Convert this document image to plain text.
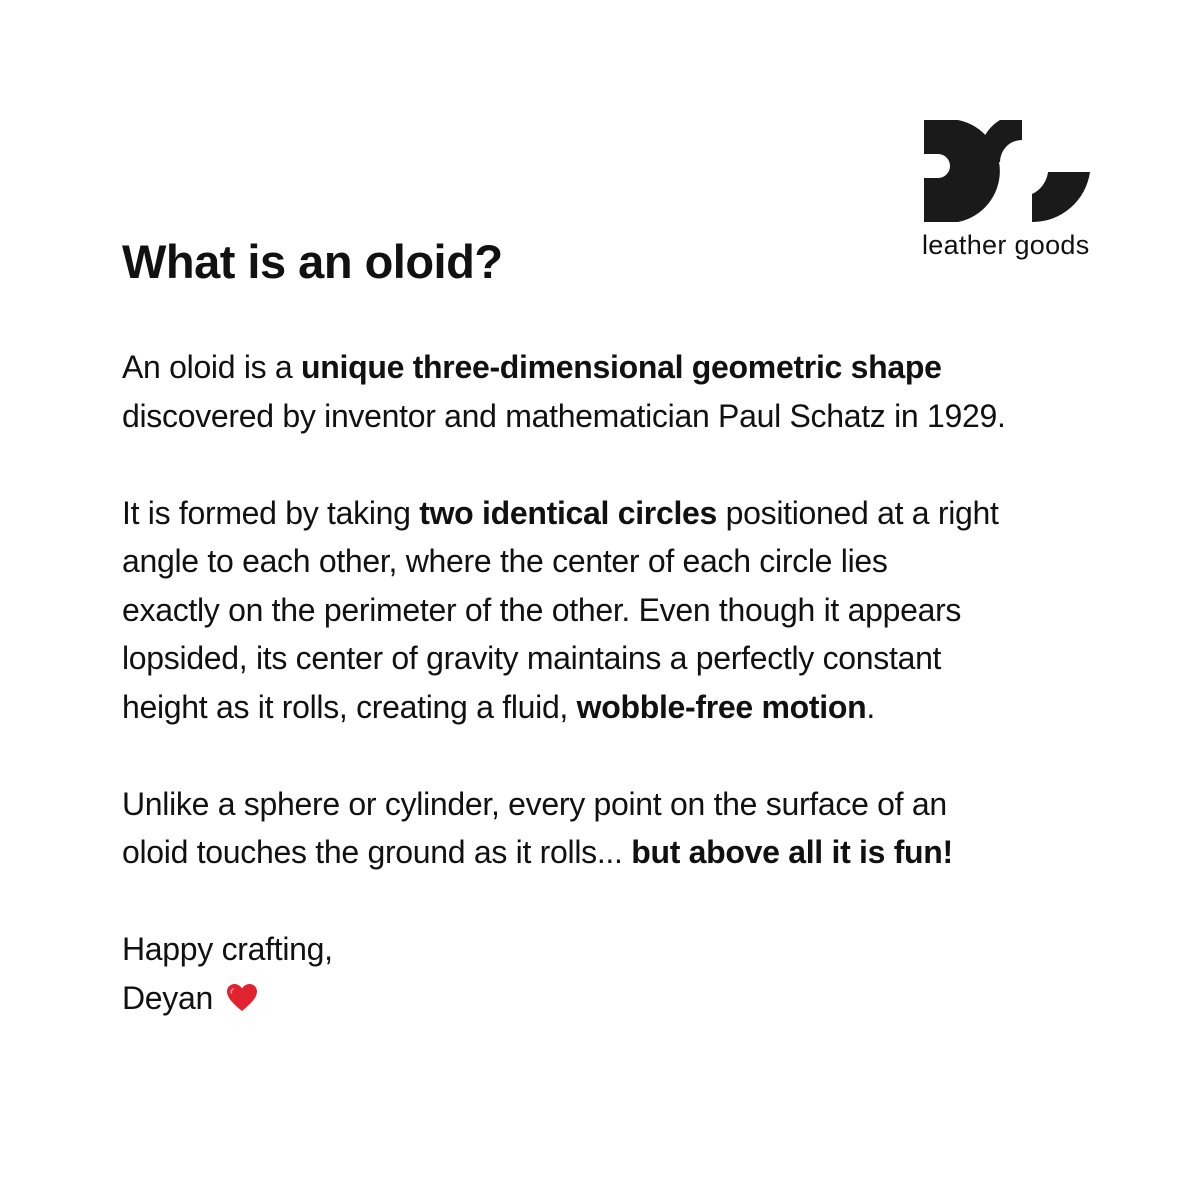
leather goods
What is an oloid?

An oloid is a unique three-dimensional geometric shape
discovered by inventor and mathematician Paul Schatz in 1929.

It is formed by taking two identical circles positioned at a right
angle to each other, where the center of each circle lies
exactly on the perimeter of the other. Even though it appears
lopsided, its center of gravity maintains a perfectly constant
height as it rolls, creating a fluid, wobble-free motion.

Unlike a sphere or cylinder, every point on the surface of an
oloid touches the ground as it rolls... but above all it is fun!

Happy crafting,
Deyan
